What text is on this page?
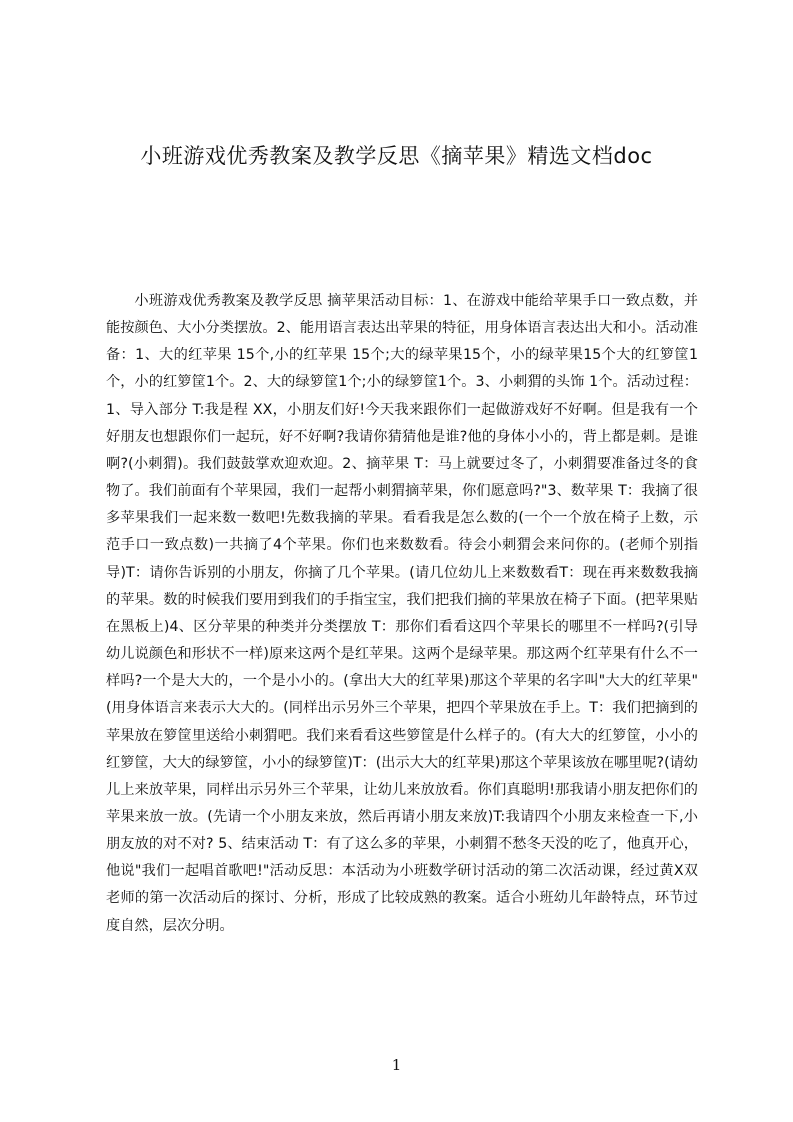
小班游戏优秀教案及教学反思《摘苹果》精选文档doc

小班游戏优秀教案及教学反思 摘苹果活动目标：1、在游戏中能给苹果手口一致点数，并能按颜色、大小分类摆放。2、能用语言表达出苹果的特征，用身体语言表达出大和小。活动准备：1、大的红苹果 15个,小的红苹果 15个;大的绿苹果15个，小的绿苹果15个大的红箩筐1个，小的红箩筐1个。2、大的绿箩筐1个;小的绿箩筐1个。3、小刺猬的头饰 1个。活动过程：1、导入部分 T:我是程 XX，小朋友们好!今天我来跟你们一起做游戏好不好啊。但是我有一个好朋友也想跟你们一起玩，好不好啊?我请你猜猜他是谁?他的身体小小的，背上都是刺。是谁啊?(小刺猬)。我们鼓鼓掌欢迎欢迎。2、摘苹果 T：马上就要过冬了，小刺猬要准备过冬的食物了。我们前面有个苹果园，我们一起帮小刺猬摘苹果，你们愿意吗?"3、数苹果 T：我摘了很多苹果我们一起来数一数吧!先数我摘的苹果。看看我是怎么数的(一个一个放在椅子上数，示范手口一致点数)一共摘了4个苹果。你们也来数数看。待会小刺猬会来问你的。(老师个别指导)T：请你告诉别的小朋友，你摘了几个苹果。(请几位幼儿上来数数看T：现在再来数数我摘的苹果。数的时候我们要用到我们的手指宝宝，我们把我们摘的苹果放在椅子下面。(把苹果贴在黑板上)4、区分苹果的种类并分类摆放 T：那你们看看这四个苹果长的哪里不一样吗?(引导幼儿说颜色和形状不一样)原来这两个是红苹果。这两个是绿苹果。那这两个红苹果有什么不一样吗?一个是大大的，一个是小小的。(拿出大大的红苹果)那这个苹果的名字叫"大大的红苹果"(用身体语言来表示大大的。(同样出示另外三个苹果，把四个苹果放在手上。T：我们把摘到的苹果放在箩筐里送给小刺猬吧。我们来看看这些箩筐是什么样子的。(有大大的红箩筐，小小的红箩筐，大大的绿箩筐，小小的绿箩筐)T：(出示大大的红苹果)那这个苹果该放在哪里呢?(请幼儿上来放苹果，同样出示另外三个苹果，让幼儿来放放看。你们真聪明!那我请小朋友把你们的苹果来放一放。(先请一个小朋友来放，然后再请小朋友来放)T:我请四个小朋友来检查一下,小朋友放的对不对? 5、结束活动 T：有了这么多的苹果，小刺猬不愁冬天没的吃了，他真开心，他说"我们一起唱首歌吧!"活动反思：本活动为小班数学研讨活动的第二次活动课，经过黄X双老师的第一次活动后的探讨、分析，形成了比较成熟的教案。适合小班幼儿年龄特点，环节过度自然，层次分明。

1
